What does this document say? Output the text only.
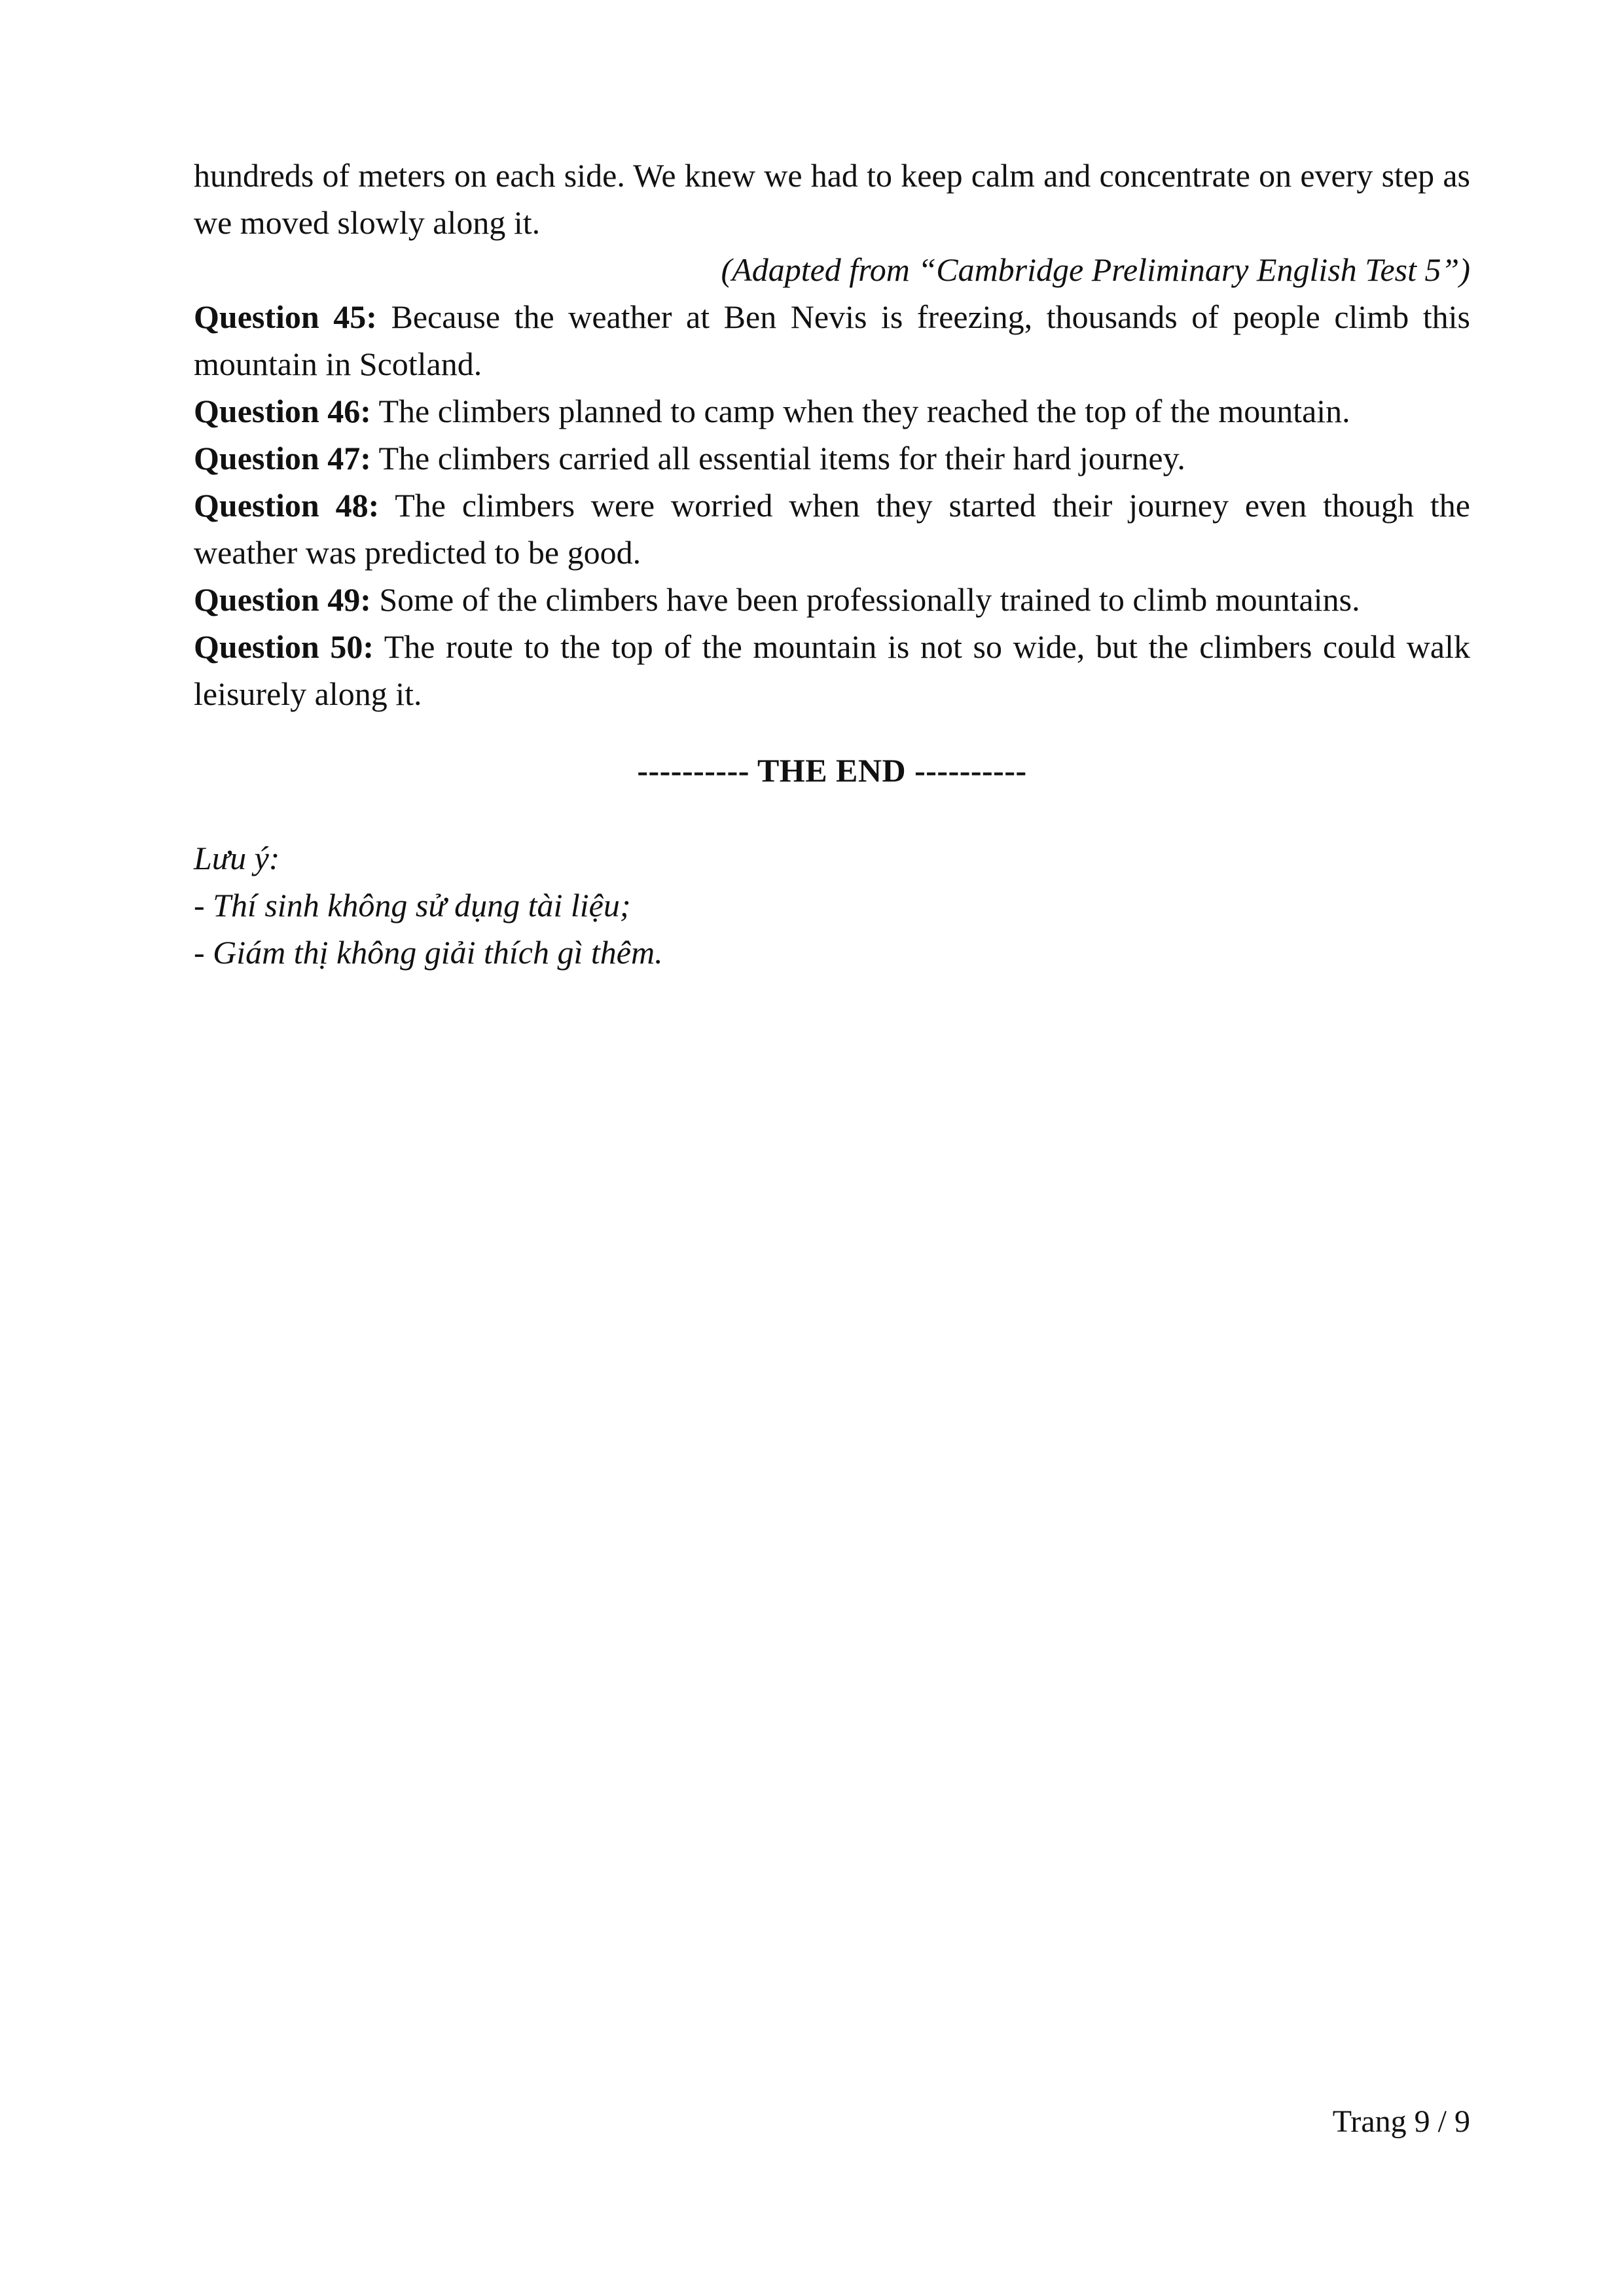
hundreds of meters on each side. We knew we had to keep calm and concentrate on every step as we moved slowly along it.

(Adapted from “Cambridge Preliminary English Test 5”)

Question 45: Because the weather at Ben Nevis is freezing, thousands of people climb this mountain in Scotland.

Question 46: The climbers planned to camp when they reached the top of the mountain.

Question 47: The climbers carried all essential items for their hard journey.

Question 48: The climbers were worried when they started their journey even though the weather was predicted to be good.

Question 49: Some of the climbers have been professionally trained to climb mountains.

Question 50: The route to the top of the mountain is not so wide, but the climbers could walk leisurely along it.

---------- THE END ----------

Lưu ý:

- Thí sinh không sử dụng tài liệu;

- Giám thị không giải thích gì thêm.

Trang 9 / 9
